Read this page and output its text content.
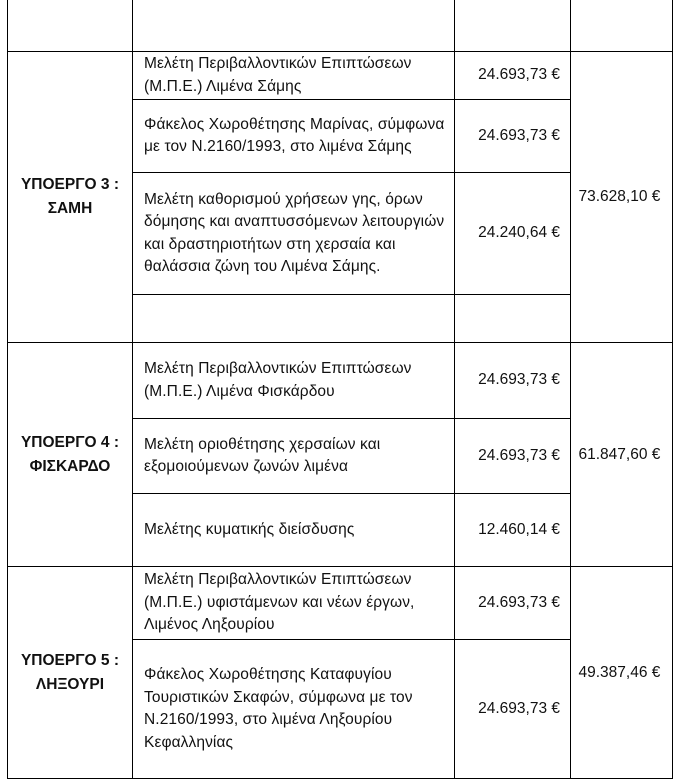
ΥΠΟΕΡΓΟ 3 :
ΣΑΜΗ	Μελέτη Περιβαλλοντικών Επιπτώσεων (Μ.Π.Ε.) Λιμένα Σάμης	24.693,73 €	73.628,10 €
	Φάκελος Χωροθέτησης Μαρίνας, σύμφωνα με τον Ν.2160/1993, στο λιμένα Σάμης	24.693,73 €	
	Μελέτη καθορισμού χρήσεων γης, όρων δόμησης και αναπτυσσόμενων λειτουργιών και δραστηριοτήτων στη χερσαία και θαλάσσια ζώνη του Λιμένα Σάμης.	24.240,64 €	

ΥΠΟΕΡΓΟ 4 :
ΦΙΣΚΑΡΔΟ	Μελέτη Περιβαλλοντικών Επιπτώσεων (Μ.Π.Ε.) Λιμένα Φισκάρδου	24.693,73 €	61.847,60 €
	Μελέτη οριοθέτησης χερσαίων και εξομοιούμενων ζωνών λιμένα	24.693,73 €	
	Μελέτης κυματικής διείσδυσης	12.460,14 €	
ΥΠΟΕΡΓΟ 5 :
ΛΗΞΟΥΡΙ	Μελέτη Περιβαλλοντικών Επιπτώσεων (Μ.Π.Ε.) υφιστάμενων και νέων έργων, Λιμένος Ληξουρίου	24.693,73 €	49.387,46 €
	Φάκελος Χωροθέτησης Καταφυγίου Τουριστικών Σκαφών, σύμφωνα με τον Ν.2160/1993, στο λιμένα Ληξουρίου Κεφαλληνίας	24.693,73 €	
